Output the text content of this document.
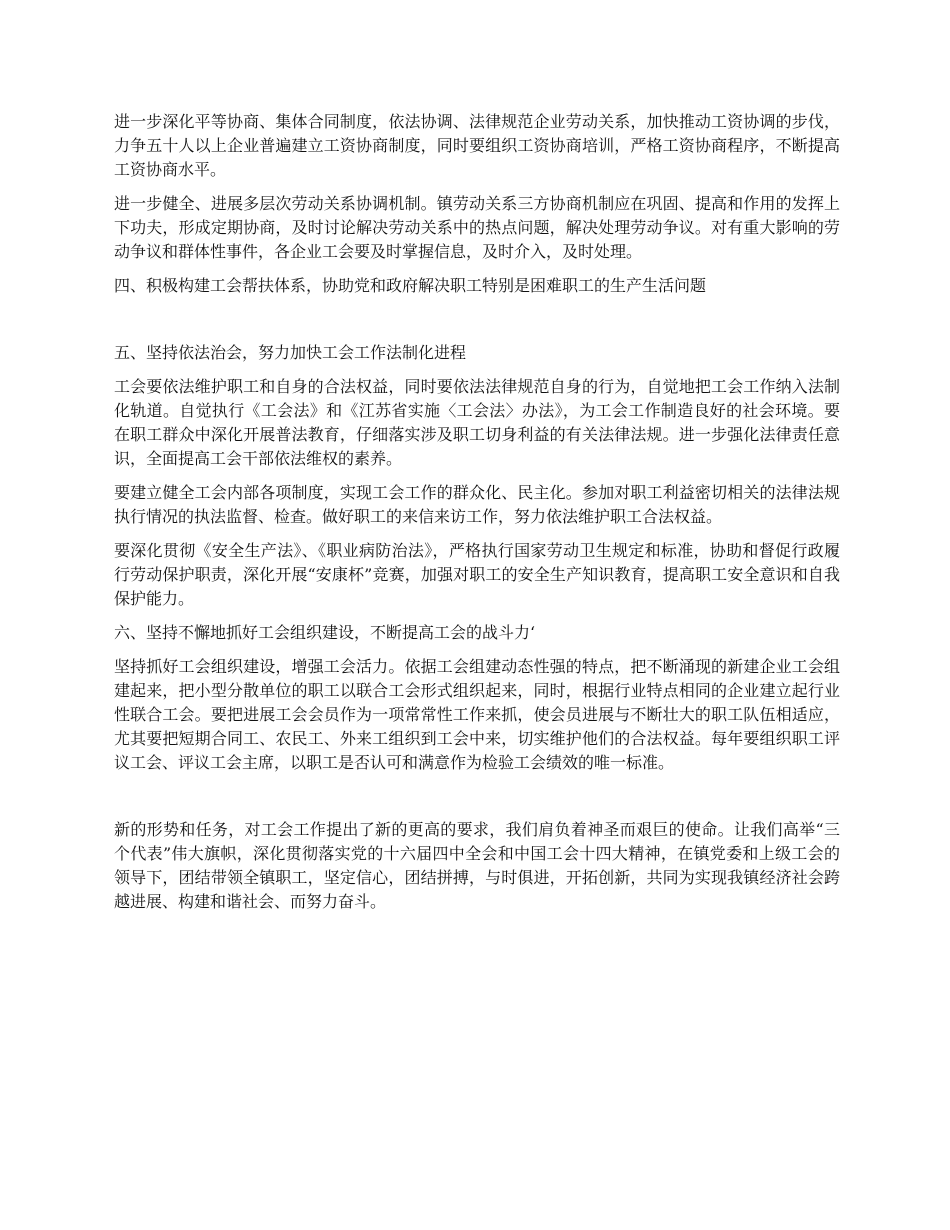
进一步深化平等协商、集体合同制度，依法协调、法律规范企业劳动关系，加快推动工资协调的步伐，力争五十人以上企业普遍建立工资协商制度，同时要组织工资协商培训，严格工资协商程序，不断提高工资协商水平。

进一步健全、进展多层次劳动关系协调机制。镇劳动关系三方协商机制应在巩固、提高和作用的发挥上下功夫，形成定期协商，及时讨论解决劳动关系中的热点问题，解决处理劳动争议。对有重大影响的劳动争议和群体性事件，各企业工会要及时掌握信息，及时介入，及时处理。

四、积极构建工会帮扶体系，协助党和政府解决职工特别是困难职工的生产生活问题

五、坚持依法治会，努力加快工会工作法制化进程

工会要依法维护职工和自身的合法权益，同时要依法法律规范自身的行为，自觉地把工会工作纳入法制化轨道。自觉执行《工会法》和《江苏省实施〈工会法〉办法》，为工会工作制造良好的社会环境。要在职工群众中深化开展普法教育，仔细落实涉及职工切身利益的有关法律法规。进一步强化法律责任意识，全面提高工会干部依法维权的素养。

要建立健全工会内部各项制度，实现工会工作的群众化、民主化。参加对职工利益密切相关的法律法规执行情况的执法监督、检查。做好职工的来信来访工作，努力依法维护职工合法权益。

要深化贯彻《安全生产法》、《职业病防治法》，严格执行国家劳动卫生规定和标准，协助和督促行政履行劳动保护职责，深化开展“安康杯”竞赛，加强对职工的安全生产知识教育，提高职工安全意识和自我保护能力。

六、坚持不懈地抓好工会组织建设，不断提高工会的战斗力‘

坚持抓好工会组织建设，增强工会活力。依据工会组建动态性强的特点，把不断涌现的新建企业工会组建起来，把小型分散单位的职工以联合工会形式组织起来，同时，根据行业特点相同的企业建立起行业性联合工会。要把进展工会会员作为一项常常性工作来抓，使会员进展与不断壮大的职工队伍相适应，尤其要把短期合同工、农民工、外来工组织到工会中来，切实维护他们的合法权益。每年要组织职工评议工会、评议工会主席，以职工是否认可和满意作为检验工会绩效的唯一标准。

新的形势和任务，对工会工作提出了新的更高的要求，我们肩负着神圣而艰巨的使命。让我们高举“三个代表”伟大旗帜，深化贯彻落实党的十六届四中全会和中国工会十四大精神，在镇党委和上级工会的领导下，团结带领全镇职工，坚定信心，团结拼搏，与时俱进，开拓创新，共同为实现我镇经济社会跨越进展、构建和谐社会、而努力奋斗。
